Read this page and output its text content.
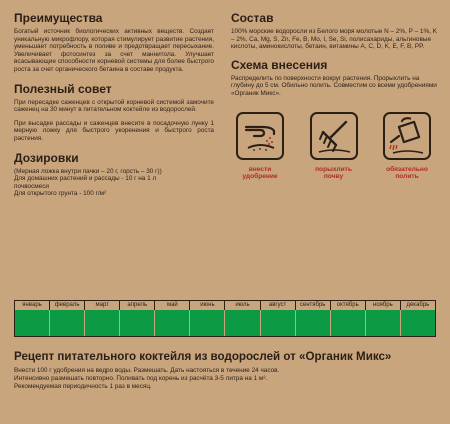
Преимущества
Богатый источник биологических активных веществ. Создает уникальную микрофлору, которая стимулирует развитие растения, уменьшает потребность в поливе и предотвращает пересыхание. Увеличивает фотосинтез за счет маннитола. Улучшает всасывающие способности корневой системы для более быстрого роста за счет органического бетаина в составе продукта.
Полезный совет
При пересадке саженцев с открытой корневой системой замочите саженец на 30 минут в питательном коктейле из водорослей.
При высадке рассады и саженцев внесите в посадочную лунку 1 мерную ложку для быстрого укоренения и быстрого роста растения.
Дозировки
(Мерная ложка внутри пачки – 20 г, горсть – 30 г))
Для домашних растений и рассады - 10 г на 1 л
почвосмеси
Для открытого грунта - 100 г/м²
Состав
100% морские водоросли из Белого моря молотые N – 2%, P – 1%, K – 2%, Ca, Mg, S, Zn, Fe, B, Mo, I, Se, Si, полисахариды, альгиновые кислоты, аминокислоты, бетаин, витамины А, С, D, K, E, F, B, PP.
Схема внесения
Распределить по поверхности вокруг растения. Прорыхлить на глубину до 5 см. Обильно полить. Совместим со всеми удобрениями «Органик Микс».
внести
удобрение
порыхлить
почву
обязательно
полить
январь	февраль	март	апрель	май	июнь	июль	август	сентябрь	октябрь	ноябрь	декабрь
Рецепт питательного коктейля из водорослей от «Органик Микс»
Внести 100 г удобрения на ведро воды. Размешать. Дать настояться в течение 24 часов.
Интенсивно размешать повторно. Поливать под корень из расчёта 3-5 литра на 1 м².
Рекомендуемая периодичность 1 раз в месяц.
